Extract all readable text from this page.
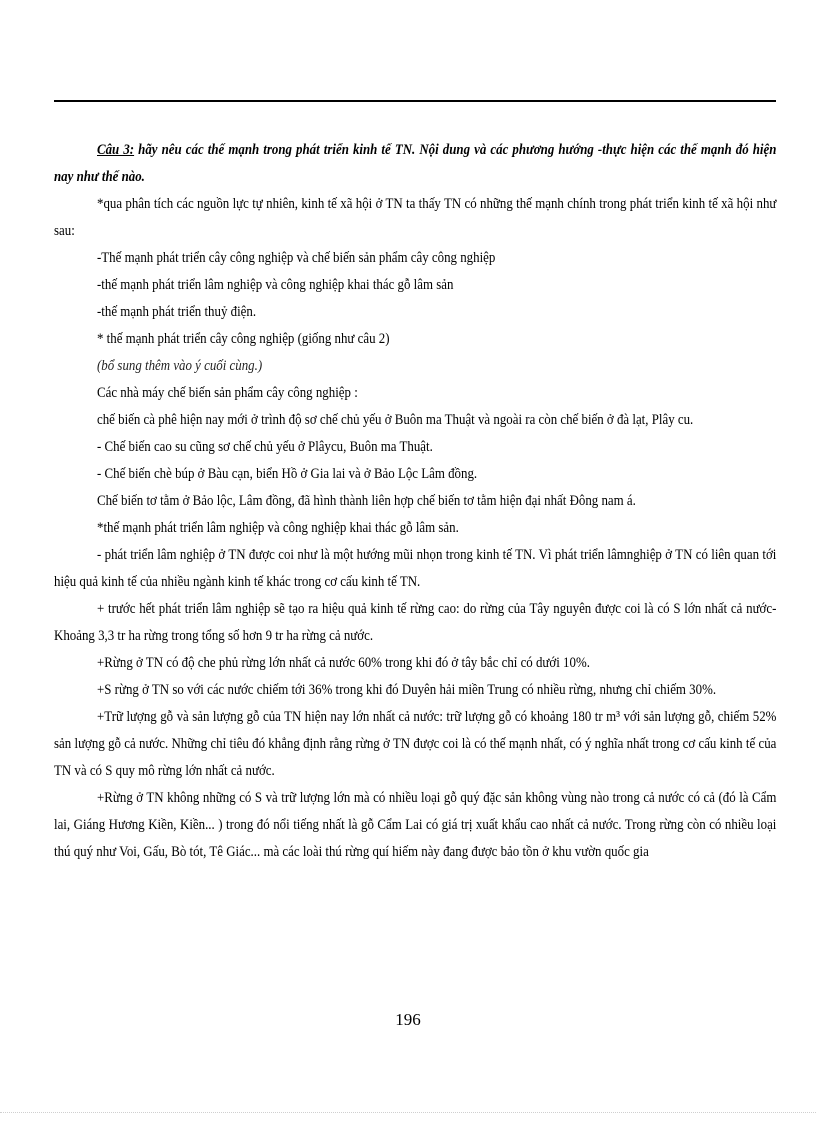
Câu 3: hãy nêu các thế mạnh trong phát triển kinh tế TN. Nội dung và các phương hướng -thực hiện các thế mạnh đó hiện nay như thế nào.

*qua phân tích các nguồn lực tự nhiên, kinh tế xã hội ở TN ta thấy TN có những thế mạnh chính trong phát triển kinh tế xã hội như sau:

-Thế mạnh phát triển cây công nghiệp và chế biến sản phẩm cây công nghiệp

-thế mạnh phát triển lâm nghiệp và công nghiệp khai thác gỗ lâm sản

-thế mạnh phát triển thuỷ điện.

* thế mạnh phát triển cây công nghiệp (giống như câu 2)

(bổ sung thêm vào ý cuối cùng.)

Các nhà máy chế biến sản phẩm cây công nghiệp :

chế biến cà phê hiện nay mới ở trình độ sơ chế chủ yếu ở Buôn ma Thuật và ngoài ra còn chế biến ở đà lạt, Plây cu.

- Chế biến cao su cũng sơ chế chủ yếu ở Plâycu, Buôn ma Thuật.

- Chế biến chè búp ở Bàu cạn, biển Hồ ở Gia lai và ở Bảo Lộc Lâm đồng.

Chế biến tơ tằm ở Bảo lộc, Lâm đồng, đã hình thành liên hợp chế biến tơ tằm hiện đại nhất Đông nam á.

*thế mạnh phát triển lâm nghiệp và công nghiệp khai thác gỗ lâm sản.

- phát triển lâm nghiệp ở TN được coi như là một hướng mũi nhọn trong kinh tế TN. Vì phát triển lâmnghiệp ở TN có liên quan tới hiệu quả kinh tế của nhiều ngành kinh tế khác trong cơ cấu kinh tế TN.

+ trước hết phát triển lâm nghiệp sẽ tạo ra hiệu quả kinh tế rừng cao: do rừng của Tây nguyên được coi là có S lớn nhất cả nước- Khoảng 3,3 tr ha rừng trong tổng số hơn 9 tr ha rừng cả nước.

+Rừng ở TN có độ che phủ rừng lớn nhất cả nước 60% trong khi đó ở tây bắc chỉ có dưới 10%.

+S rừng ở TN so với các nước chiếm tới 36% trong khi đó Duyên hải miền Trung có nhiều rừng, nhưng chỉ chiếm 30%.

+Trữ lượng gỗ và sản lượng gỗ của TN hiện nay lớn nhất cả nước: trữ lượng gỗ có khoảng 180 tr m³ với sản lượng gỗ, chiếm 52% sản lượng gỗ cả nước. Những chỉ tiêu đó khẳng định rằng rừng ở TN được coi là có thế mạnh nhất, có ý nghĩa nhất trong cơ cấu kinh tế của TN và có S quy mô rừng lớn nhất cả nước.

+Rừng ở TN không những có S và trữ lượng lớn mà có nhiều loại gỗ quý đặc sản không vùng nào trong cả nước có cả (đó là Cẩm lai, Giáng Hương Kiền, Kiền... ) trong đó nổi tiếng nhất là gỗ Cẩm Lai có giá trị xuất khẩu cao nhất cả nước. Trong rừng còn có nhiều loại thú quý như Voi, Gấu, Bò tót, Tê Giác... mà các loài thú rừng quí hiếm này đang được bảo tồn ở khu vườn quốc gia

196
